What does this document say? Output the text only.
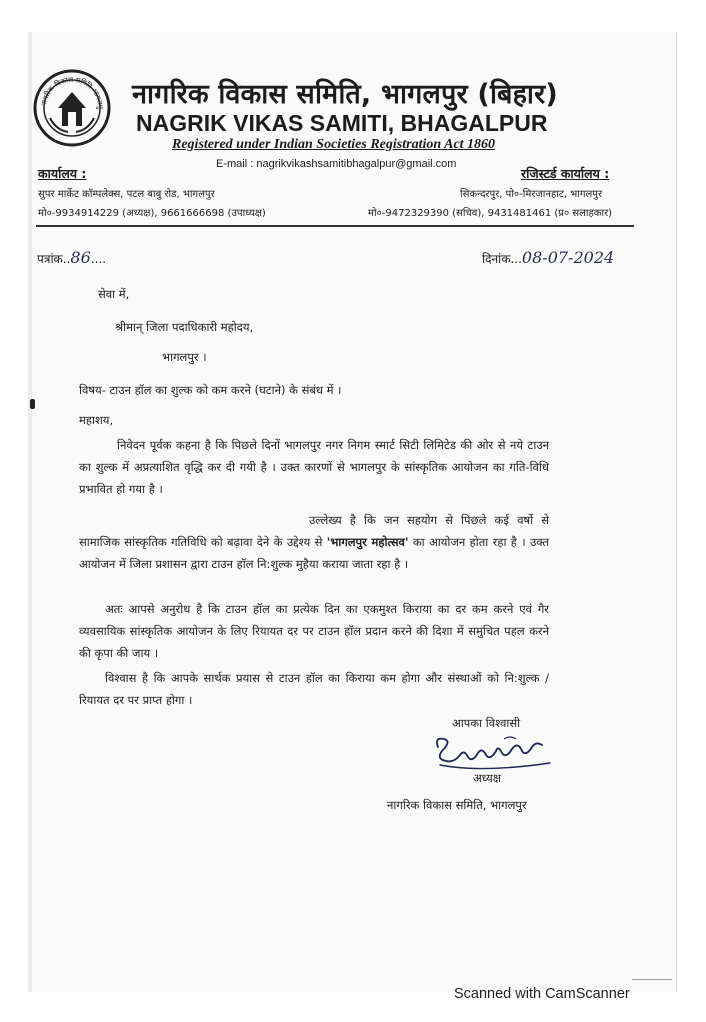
नागरिक विकास समिति भागलपु नागरिक विकास समिति, भागलपुर (बिहार)
NAGRIK VIKAS SAMITI, BHAGALPUR
Registered under Indian Societies Registration Act 1860
E-mail : nagrikvikashsamitibhagalpur@gmail.com
कार्यालय :
सुपर मार्केट कॉम्पलेक्स, पटल बाबु रोड, भागलपुर
मो०-9934914229 (अध्यक्ष), 9661666698 (उपाध्यक्ष)
रजिस्टर्ड कार्यालय :
सिकन्दरपुर, पो०-मिरजानहाट, भागलपुर
मो०-9472329390 (सचिव), 9431481461 (प्र० सलाहकार)
पत्रांक..86....	दिनांक...08-07-2024
सेवा में,
श्रीमान् जिला पदाधिकारी महोदय,
भागलपुर ।
विषय- टाउन हॉल का शुल्क को कम करने (घटाने) के संबंध में ।
महाशय,
निवेदन पूर्वक कहना है कि पिछले दिनों भागलपुर नगर निगम स्मार्ट सिटी लिमिटेड की ओर से नये टाउन का शुल्क में अप्रत्याशित वृद्धि कर दी गयी है । उक्त कारणों से भागलपुर के सांस्कृतिक आयोजन का गति-विधि प्रभावित हो गया है ।
उल्लेख्य है कि जन सहयोग से पिछले कई वर्षो से सामाजिक सांस्कृतिक गतिविधि को बढ़ावा देने के उद्देश्य से 'भागलपुर महोत्सव' का आयोजन होता रहा है । उक्त आयोजन में जिला प्रशासन द्वारा टाउन हॉल नि:शुल्क मुहैया कराया जाता रहा है ।
अतः आपसे अनुरोध है कि टाउन हॉल का प्रत्येक दिन का एकमुश्त किराया का दर कम करने एवं गैर व्यवसायिक सांस्कृतिक आयोजन के लिए रियायत दर पर टाउन हॉल प्रदान करने की दिशा में समुचित पहल करने की कृपा की जाय ।
विश्वास है कि आपके सार्थक प्रयास से टाउन हॉल का किराया कम होगा और संस्थाओं को नि:शुल्क / रियायत दर पर प्राप्त होगा ।
आपका विश्वासी
अध्यक्ष
नागरिक विकास समिति, भागलपुर
Scanned with CamScanner
